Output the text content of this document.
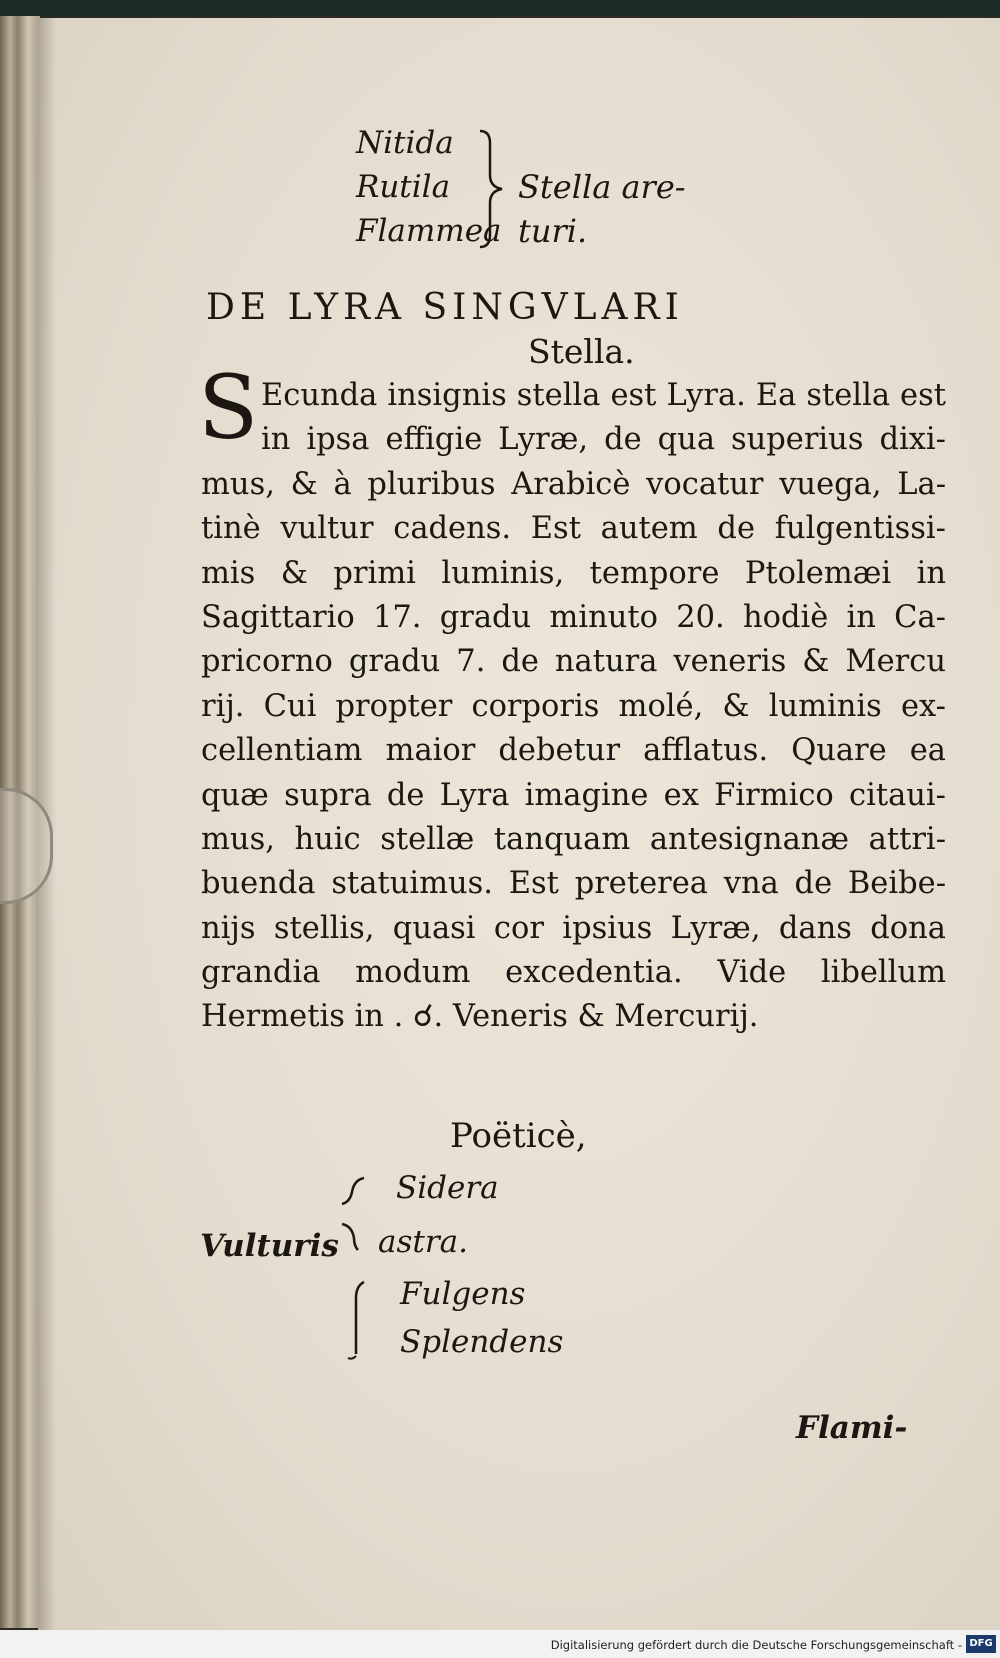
Nitida
Rutila
Flammea
Stella are-
turi.
DE LYRA SINGVLARI
Stella.
S Ecunda insignis stella est Lyra. Ea stella est
in ipsa effigie Lyræ, de qua superius dixi-
mus, & à pluribus Arabicè vocatur vuega, La-
tinè vultur cadens. Est autem de fulgentissi-
mis & primi luminis, tempore Ptolemæi in
Sagittario 17. gradu minuto 20. hodiè in Ca-
pricorno gradu 7. de natura veneris & Mercu
rij. Cui propter corporis molé, & luminis ex-
cellentiam maior debetur afflatus. Quare ea
quæ supra de Lyra imagine ex Firmico citaui-
mus, huic stellæ tanquam antesignanæ attri-
buenda statuimus. Est preterea vna de Beibe-
nijs stellis, quasi cor ipsius Lyræ, dans dona
grandia modum excedentia. Vide libellum
Hermetis in . ☌. Veneris & Mercurij.
Poëticè,
Vulturis
Sidera
astra.
Fulgens
Splendens
Flami-
Digitalisierung gefördert durch die Deutsche Forschungsgemeinschaft - DFG
